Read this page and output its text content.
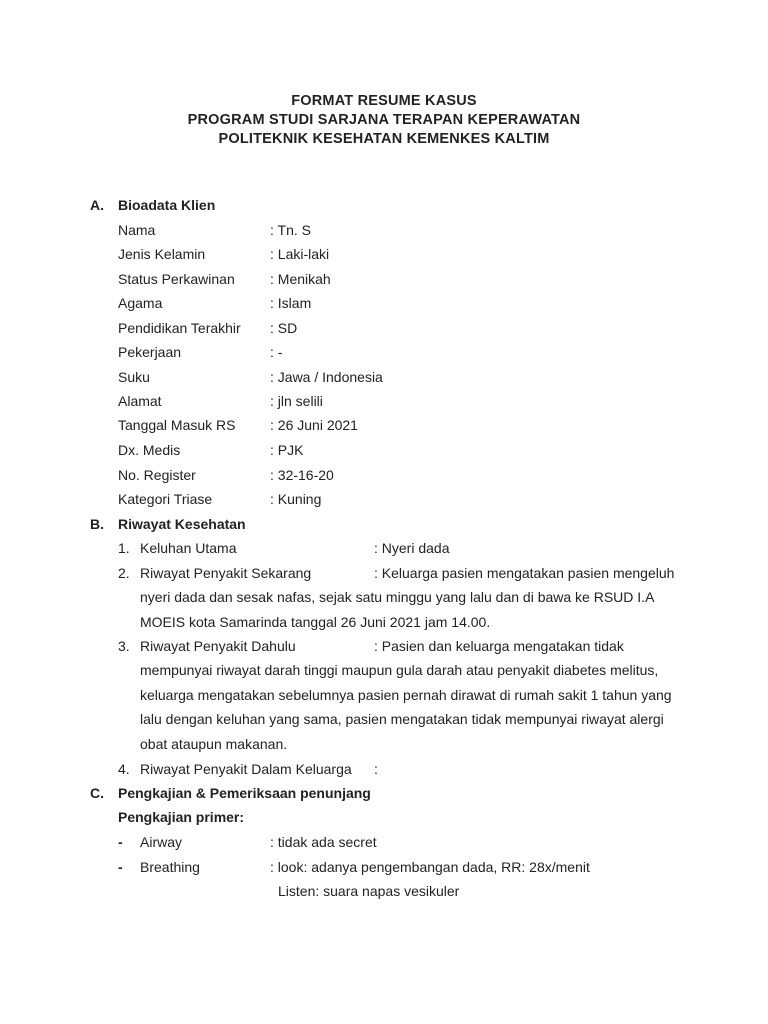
FORMAT RESUME KASUS
PROGRAM STUDI SARJANA TERAPAN KEPERAWATAN
POLITEKNIK KESEHATAN KEMENKES KALTIM
A. Bioadata Klien
Nama	: Tn. S
Jenis Kelamin	: Laki-laki
Status Perkawinan	: Menikah
Agama	: Islam
Pendidikan Terakhir : SD
Pekerjaan	: -
Suku	: Jawa / Indonesia
Alamat	: jln selili
Tanggal Masuk RS : 26 Juni 2021
Dx. Medis	: PJK
No. Register	: 32-16-20
Kategori Triase	: Kuning
B. Riwayat Kesehatan
1. Keluhan Utama	: Nyeri dada
2. Riwayat Penyakit Sekarang	: Keluarga pasien mengatakan pasien mengeluh
nyeri dada dan sesak nafas, sejak satu minggu yang lalu dan di bawa ke RSUD I.A
MOEIS kota Samarinda tanggal 26 Juni 2021 jam 14.00.
3. Riwayat Penyakit Dahulu	: Pasien dan keluarga mengatakan tidak
mempunyai riwayat darah tinggi maupun gula darah atau penyakit diabetes melitus,
keluarga mengatakan sebelumnya pasien pernah dirawat di rumah sakit 1 tahun yang
lalu dengan keluhan yang sama, pasien mengatakan tidak mempunyai riwayat alergi
obat ataupun makanan.
4. Riwayat Penyakit Dalam Keluarga :
C. Pengkajian & Pemeriksaan penunjang
Pengkajian primer:
- Airway	: tidak ada secret
- Breathing	: look: adanya pengembangan dada, RR: 28x/menit
Listen: suara napas vesikuler
